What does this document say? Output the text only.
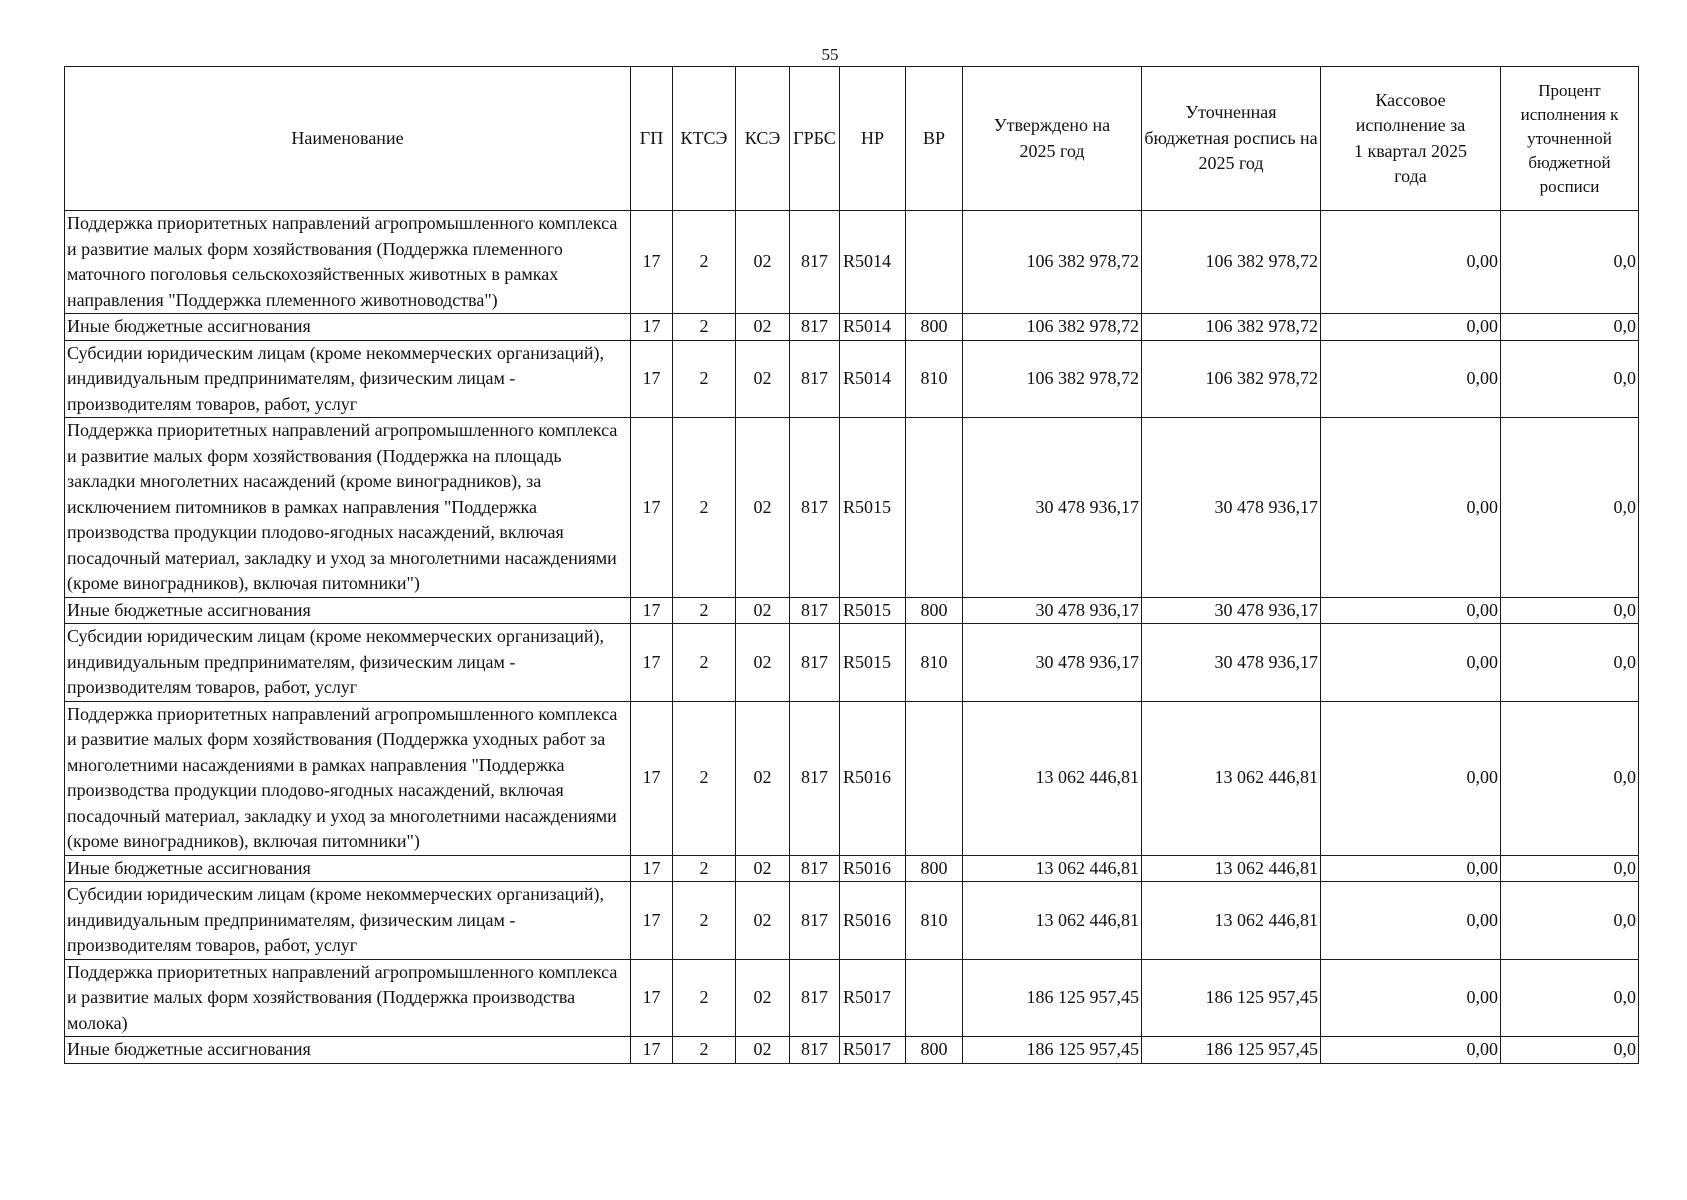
55
Наименование	ГП	КТСЭ	КСЭ	ГРБС	НР	ВР	Утверждено на 2025 год	Уточненная бюджетная роспись на 2025 год	Кассовое исполнение за 1 квартал 2025 года	Процент исполнения к уточненной бюджетной росписи
Поддержка приоритетных направлений агропромышленного комплекса и развитие малых форм хозяйствования (Поддержка племенного маточного поголовья сельскохозяйственных животных в рамках направления "Поддержка племенного животноводства")	17	2	02	817	R5014		106 382 978,72	106 382 978,72	0,00	0,0
Иные бюджетные ассигнования	17	2	02	817	R5014	800	106 382 978,72	106 382 978,72	0,00	0,0
Субсидии юридическим лицам (кроме некоммерческих организаций), индивидуальным предпринимателям, физическим лицам - производителям товаров, работ, услуг	17	2	02	817	R5014	810	106 382 978,72	106 382 978,72	0,00	0,0
Поддержка приоритетных направлений агропромышленного комплекса и развитие малых форм хозяйствования (Поддержка на площадь закладки многолетних насаждений (кроме виноградников), за исключением питомников в рамках направления "Поддержка производства продукции плодово-ягодных насаждений, включая посадочный материал, закладку и уход за многолетними насаждениями (кроме виноградников), включая питомники")	17	2	02	817	R5015		30 478 936,17	30 478 936,17	0,00	0,0
Иные бюджетные ассигнования	17	2	02	817	R5015	800	30 478 936,17	30 478 936,17	0,00	0,0
Субсидии юридическим лицам (кроме некоммерческих организаций), индивидуальным предпринимателям, физическим лицам - производителям товаров, работ, услуг	17	2	02	817	R5015	810	30 478 936,17	30 478 936,17	0,00	0,0
Поддержка приоритетных направлений агропромышленного комплекса и развитие малых форм хозяйствования (Поддержка уходных работ за многолетними насаждениями в рамках направления "Поддержка производства продукции плодово-ягодных насаждений, включая посадочный материал, закладку и уход за многолетними насаждениями (кроме виноградников), включая питомники")	17	2	02	817	R5016		13 062 446,81	13 062 446,81	0,00	0,0
Иные бюджетные ассигнования	17	2	02	817	R5016	800	13 062 446,81	13 062 446,81	0,00	0,0
Субсидии юридическим лицам (кроме некоммерческих организаций), индивидуальным предпринимателям, физическим лицам - производителям товаров, работ, услуг	17	2	02	817	R5016	810	13 062 446,81	13 062 446,81	0,00	0,0
Поддержка приоритетных направлений агропромышленного комплекса и развитие малых форм хозяйствования (Поддержка производства молока)	17	2	02	817	R5017		186 125 957,45	186 125 957,45	0,00	0,0
Иные бюджетные ассигнования	17	2	02	817	R5017	800	186 125 957,45	186 125 957,45	0,00	0,0
